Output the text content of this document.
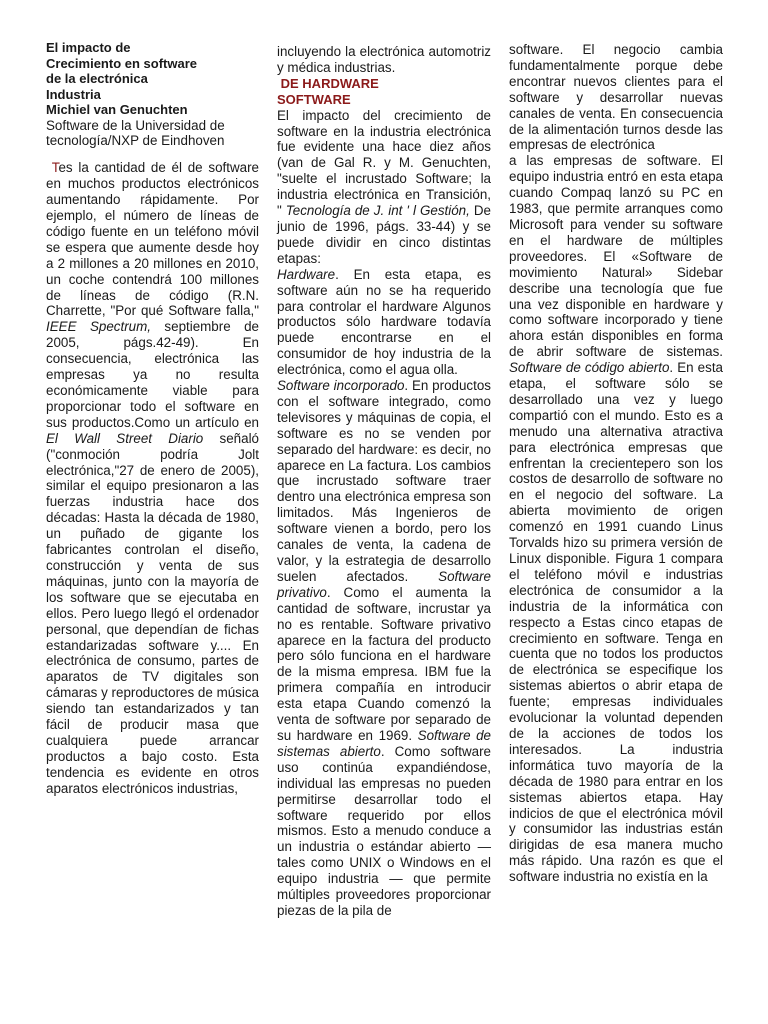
El impacto de
Crecimiento en software
de la electrónica
Industria
Michiel van Genuchten

Software de la Universidad de tecnología/NXP de Eindhoven

Tes la cantidad de él de software en muchos productos electrónicos aumentando rápidamente. Por ejemplo, el número de líneas de código fuente en un teléfono móvil se espera que aumente desde hoy a 2 millones a 20 millones en 2010, un coche contendrá 100 millones de líneas de código (R.N. Charrette, "Por qué Software falla," IEEE Spectrum, septiembre de 2005, págs.42-49). En consecuencia, electrónica las empresas ya no resulta económicamente viable para proporcionar todo el software en sus productos.Como un artículo en El Wall Street Diario señaló ("conmoción podría Jolt electrónica,"27 de enero de 2005), similar el equipo presionaron a las fuerzas industria hace dos décadas: Hasta la década de 1980, un puñado de gigante los fabricantes controlan el diseño, construcción y venta de sus máquinas, junto con la mayoría de los software que se ejecutaba en ellos. Pero luego llegó el ordenador personal, que dependían de fichas estandarizadas software y.... En electrónica de consumo, partes de aparatos de TV digitales son cámaras y reproductores de música siendo tan estandarizados y tan fácil de producir masa que cualquiera puede arrancar productos a bajo costo. Esta tendencia es evidente en otros aparatos electrónicos industrias,

incluyendo la electrónica automotriz y médica industrias.

DE HARDWARE
SOFTWARE

El impacto del crecimiento de software en la industria electrónica fue evidente una hace diez años (van de Gal R. y M. Genuchten, "suelte el incrustado Software; la industria electrónica en Transición, " Tecnología de J. int ' l Gestión, De junio de 1996, págs. 33-44) y se puede dividir en cinco distintas etapas:
Hardware. En esta etapa, es software aún no se ha requerido para controlar el hardware Algunos productos sólo hardware todavía puede encontrarse en el consumidor de hoy industria de la electrónica, como el agua olla.
Software incorporado. En productos con el software integrado, como televisores y máquinas de copia, el software es no se venden por separado del hardware: es decir, no aparece en La factura. Los cambios que incrustado software traer dentro una electrónica empresa son limitados. Más Ingenieros de software vienen a bordo, pero los canales de venta, la cadena de valor, y la estrategia de desarrollo suelen afectados. Software privativo. Como el aumenta la cantidad de software, incrustar ya no es rentable. Software privativo aparece en la factura del producto pero sólo funciona en el hardware de la misma empresa. IBM fue la primera compañía en introducir esta etapa Cuando comenzó la venta de software por separado de su hardware en 1969. Software de sistemas abierto. Como software uso continúa expandiéndose, individual las empresas no pueden permitirse desarrollar todo el software requerido por ellos mismos. Esto a menudo conduce a un industria o estándar abierto — tales como UNIX o Windows en el equipo industria — que permite múltiples proveedores proporcionar piezas de la pila de

software. El negocio cambia fundamentalmente porque debe encontrar nuevos clientes para el software y desarrollar nuevas canales de venta. En consecuencia de la alimentación turnos desde las empresas de electrónica

a las empresas de software. El equipo industria entró en esta etapa cuando Compaq lanzó su PC en 1983, que permite arranques como Microsoft para vender su software en el hardware de múltiples proveedores. El «Software de movimiento Natural» Sidebar describe una tecnología que fue una vez disponible en hardware y como software incorporado y tiene ahora están disponibles en forma de abrir software de sistemas. Software de código abierto. En esta etapa, el software sólo se desarrollado una vez y luego compartió con el mundo. Esto es a menudo una alternativa atractiva para electrónica empresas que enfrentan la crecientepero son los costos de desarrollo de software no en el negocio del software. La abierta movimiento de origen comenzó en 1991 cuando Linus Torvalds hizo su primera versión de Linux disponible. Figura 1 compara el teléfono móvil e industrias electrónica de consumidor a la industria de la informática con respecto a Estas cinco etapas de crecimiento en software. Tenga en cuenta que no todos los productos de electrónica se especifique los sistemas abiertos o abrir etapa de fuente; empresas individuales evolucionar la voluntad dependen de la acciones de todos los interesados. La industria informática tuvo mayoría de la década de 1980 para entrar en los sistemas abiertos etapa. Hay indicios de que el electrónica móvil y consumidor las industrias están dirigidas de esa manera mucho más rápido. Una razón es que el software industria no existía en la
